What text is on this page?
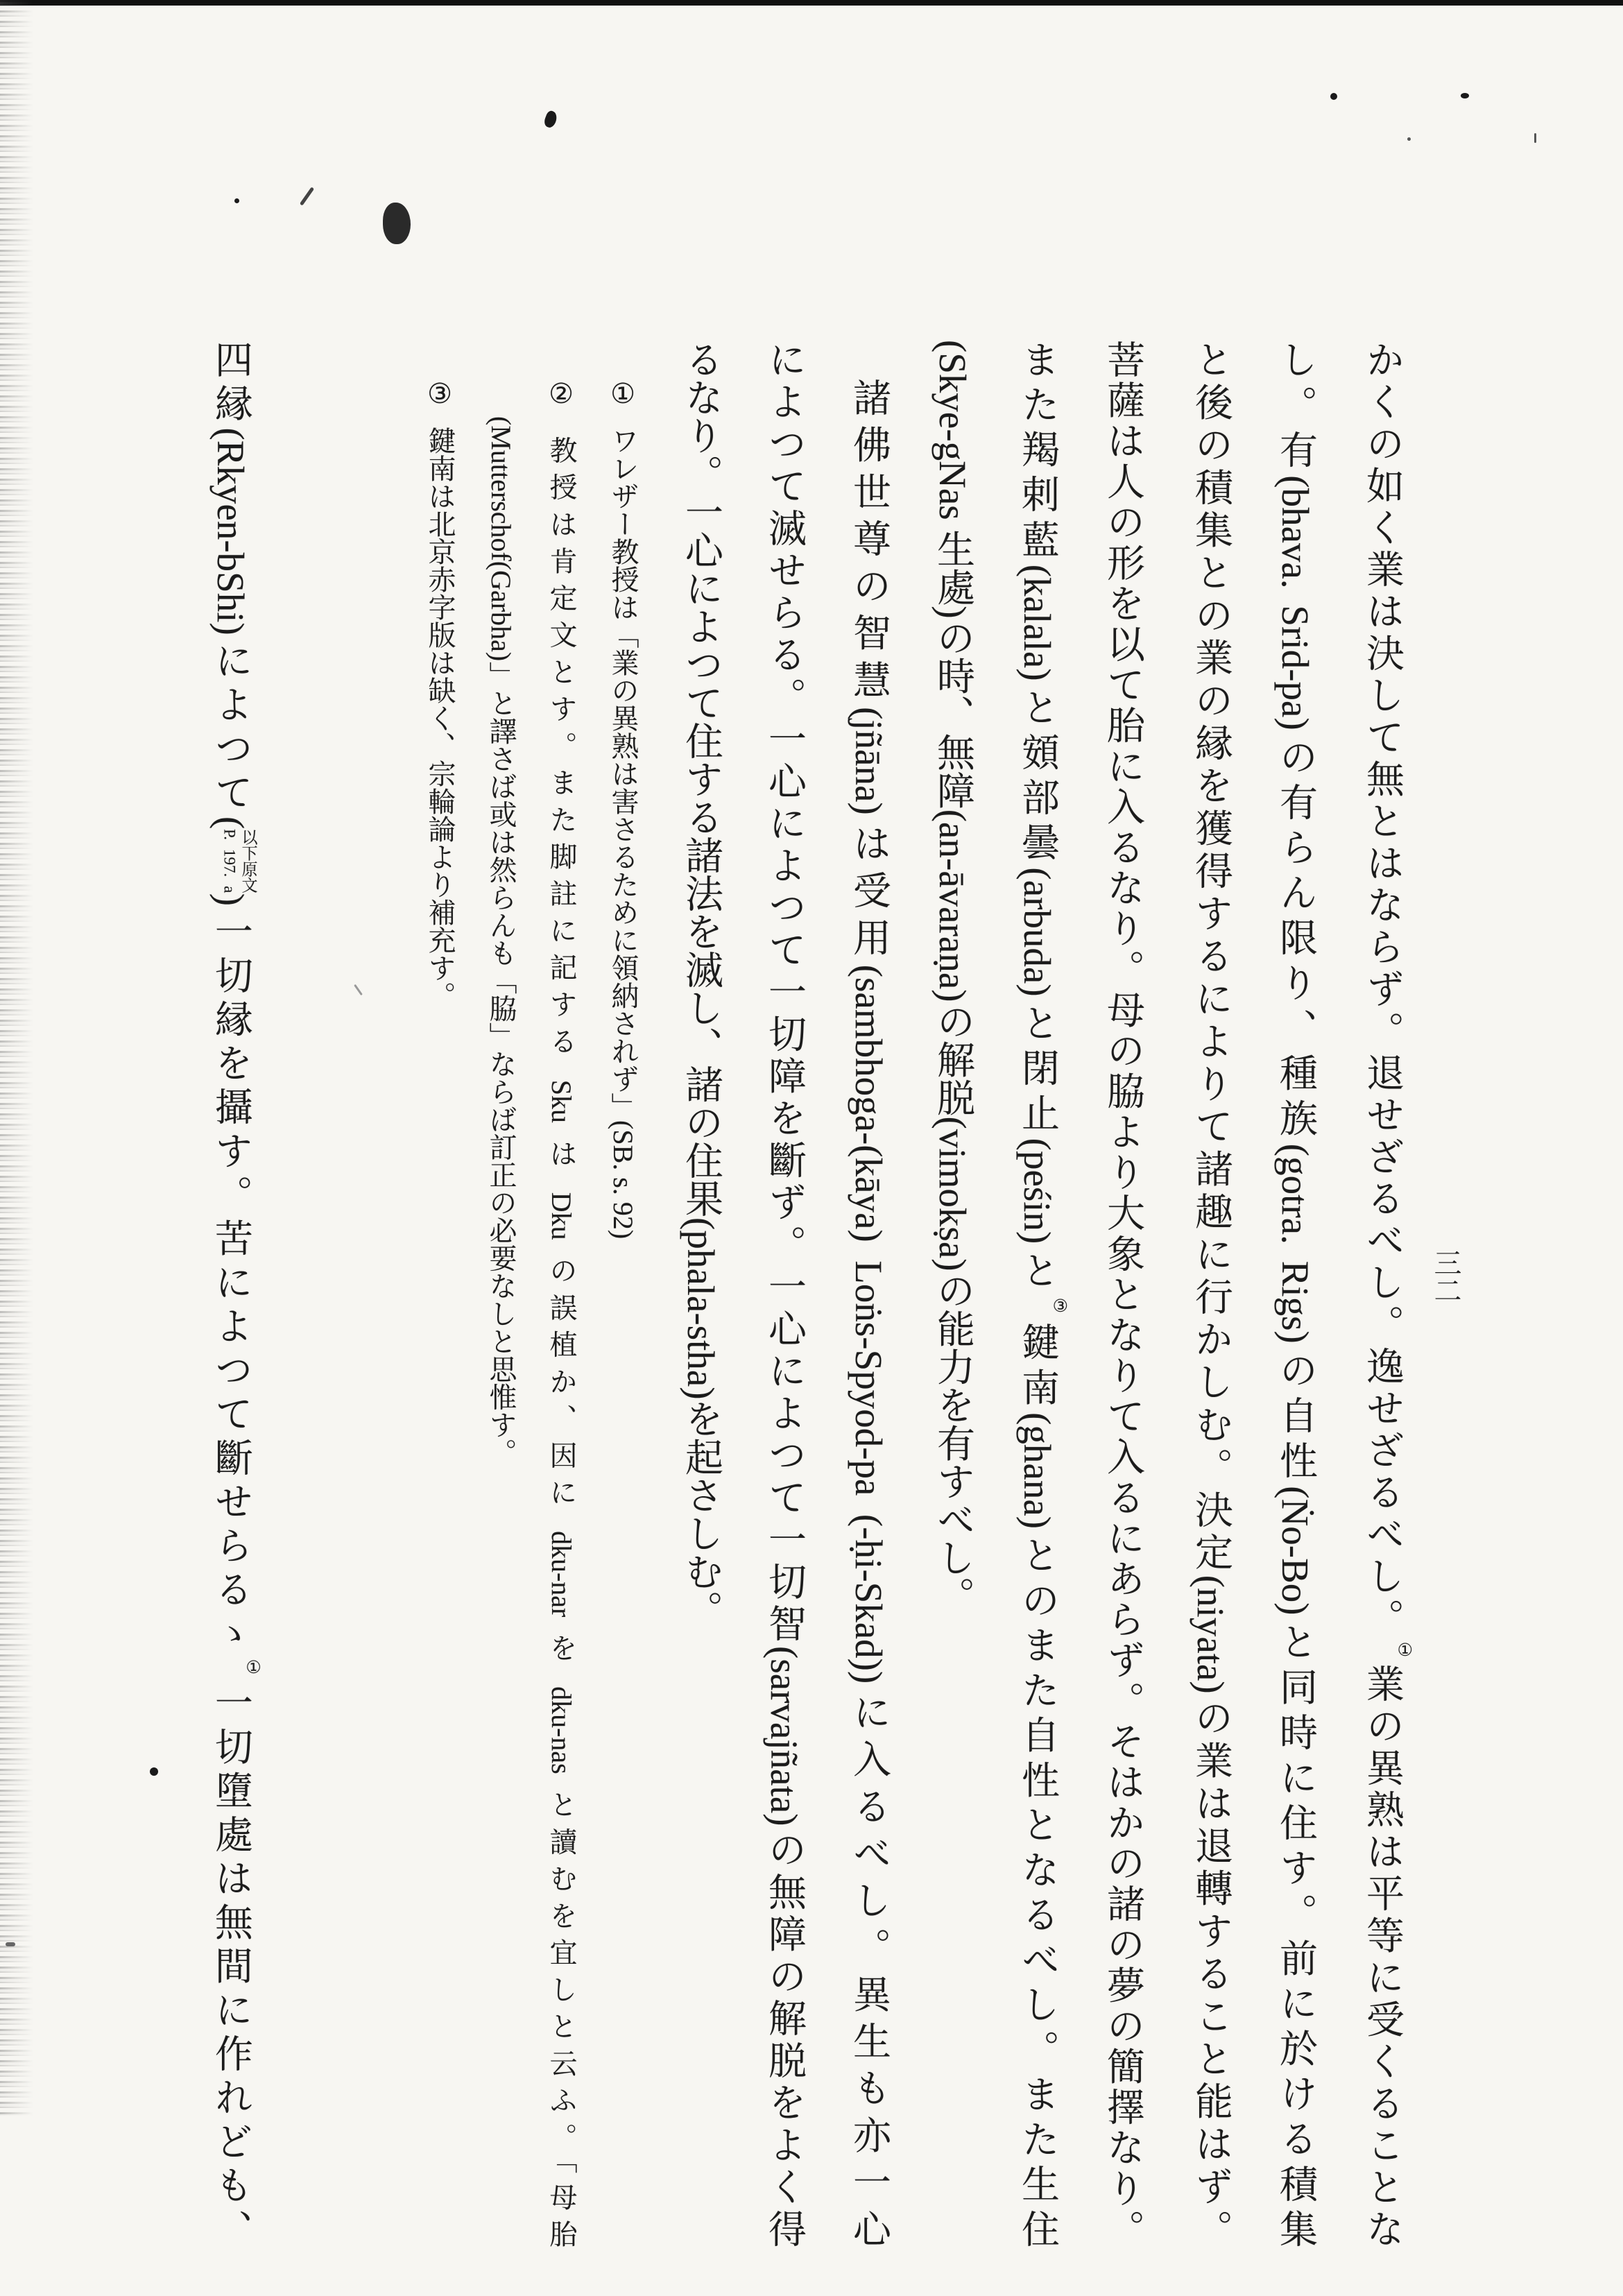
三二
かくの如く業は決して無とはならず。退せざるべし。逸せざるべし。①業の異熟は平等に受くることな
し。有(bhava. Srid-pa)の有らん限り、種族(gotra. Rigs)の自性(Ṅo-Bo)と同時に住す。前に於ける積集
と後の積集との業の縁を獲得するによりて諸趣に行かしむ。決定(niyata)の業は退轉すること能はず。
菩薩は人の形を以て胎に入るなり。母の脇より大象となりて入るにあらず。そはかの諸の夢の簡擇なり。
また羯剌藍(kalala)と頞部曇(arbuda)と閉止(peśin)と③鍵南(ghana)とのまた自性となるべし。また生住
(Skye-gNas 生處)の時、無障(an-āvaraṇa)の解脱(vimokṣa)の能力を有すべし。
諸佛世尊の智慧(jñāna)は受用(sambhoga-(kāya) Loṅs-Spyod-pa (-ḥi-Skad))に入るべし。異生も亦一心
によつて滅せらる。一心によつて一切障を斷ず。一心によつて一切智(sarvajñata)の無障の解脱をよく得
るなり。一心によつて住する諸法を滅し、諸の住果(phala-stha)を起さしむ。
①ワレザー教授は「業の異熟は害さるために領納されず」(SB. s. 92)
②教授は肯定文とす。また脚註に記する Sku は Dku の誤植か、因に dku-nar を dku-nas と讀むを宜しと云ふ。「母胎
(Mutterschof(Garbha)」と譯さば或は然らんも「脇」ならば訂正の必要なしと思惟す。
③鍵南は北京赤字版は缺く、宗輪論より補充す。
四縁(Rkyen-bShi)によつて(
以下原文
P. 197. a
)一切縁を攝す。苦によつて斷せらるゝ①一切墮處は無間に作れども、
